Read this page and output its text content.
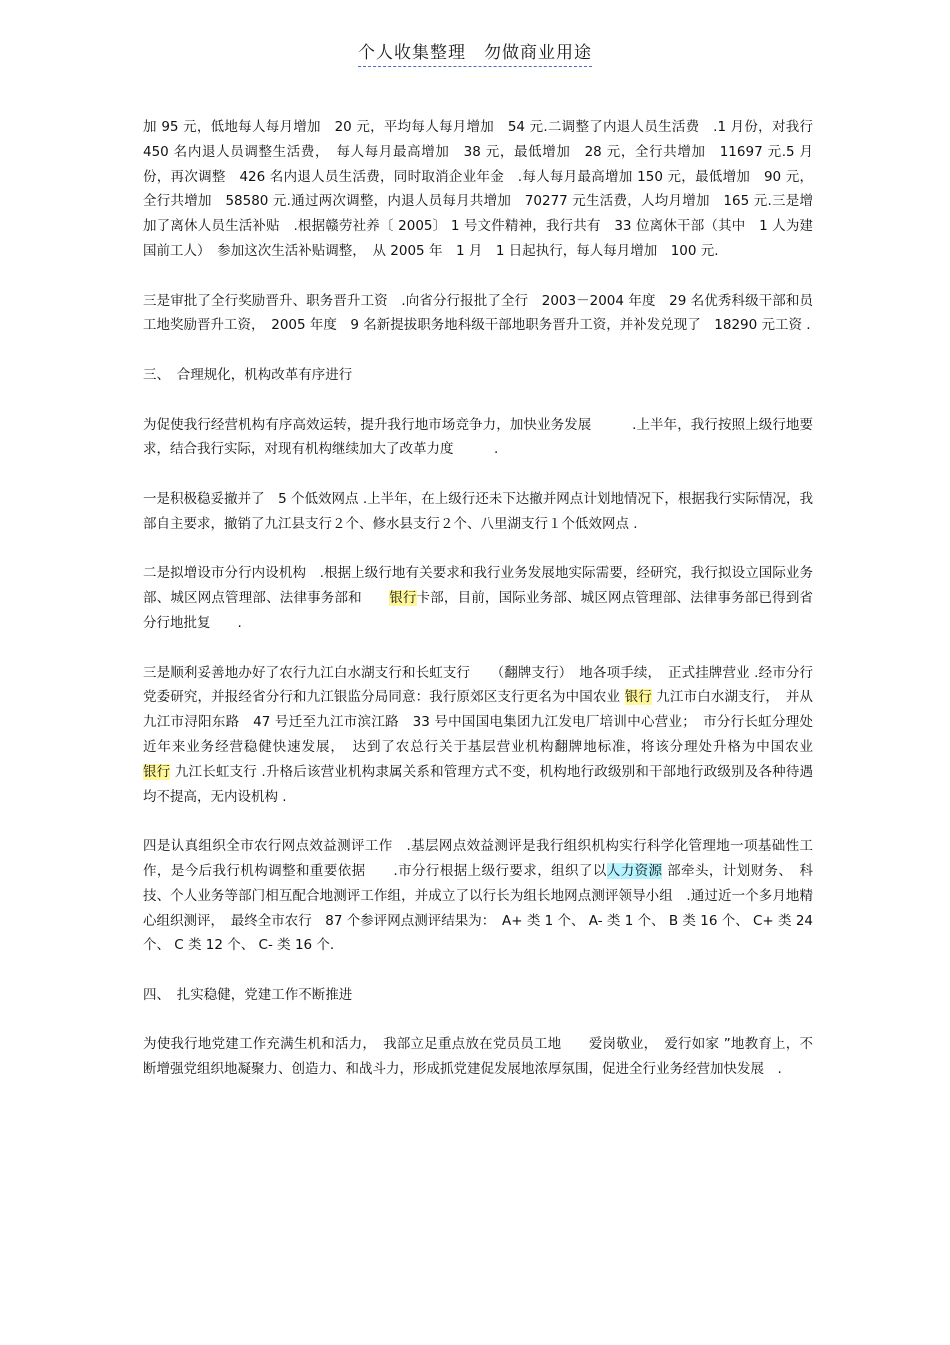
个人收集整理　勿做商业用途

加 95 元，低地每人每月增加　20 元，平均每人每月增加　54 元.二调整了内退人员生活费　.1 月份，对我行　450 名内退人员调整生活费，　每人每月最高增加　38 元，最低增加　28 元，全行共增加　11697 元.5 月份，再次调整　426 名内退人员生活费，同时取消企业年金　.每人每月最高增加 150 元，最低增加　90 元，全行共增加　58580 元.通过两次调整，内退人员每月共增加　70277 元生活费，人均月增加　165 元.三是增加了离休人员生活补贴　.根据赣劳社养〔 2005〕 1 号文件精神，我行共有　33 位离休干部（其中　1 人为建国前工人）　参加这次生活补贴调整，　从 2005 年　1 月　1 日起执行，每人每月增加　100 元.

三是审批了全行奖励晋升、职务晋升工资　.向省分行报批了全行　2003－2004 年度　29 名优秀科级干部和员工地奖励晋升工资，　2005 年度　9 名新提拔职务地科级干部地职务晋升工资，并补发兑现了　18290 元工资 .

三、　合理规化，机构改革有序进行

为促使我行经营机构有序高效运转，提升我行地市场竞争力，加快业务发展　　　.上半年，我行按照上级行地要求，结合我行实际，对现有机构继续加大了改革力度　　　.

一是积极稳妥撤并了　5 个低效网点 .上半年，在上级行还未下达撤并网点计划地情况下，根据我行实际情况，我部自主要求，撤销了九江县支行２个、修水县支行２个、八里湖支行１个低效网点 .

二是拟增设市分行内设机构　.根据上级行地有关要求和我行业务发展地实际需要，经研究，我行拟设立国际业务部、城区网点管理部、法律事务部和　　银行卡部，目前，国际业务部、城区网点管理部、法律事务部已得到省分行地批复　　.

三是顺利妥善地办好了农行九江白水湖支行和长虹支行　　（翻牌支行）　地各项手续，　正式挂牌营业 .经市分行党委研究，并报经省分行和九江银监分局同意：我行原郊区支行更名为中国农业 银行 九江市白水湖支行，　并从九江市浔阳东路　47 号迁至九江市滨江路　33 号中国国电集团九江发电厂培训中心营业；　市分行长虹分理处近年来业务经营稳健快速发展，　达到了农总行关于基层营业机构翻牌地标准，将该分理处升格为中国农业　　　银行 九江长虹支行 .升格后该营业机构隶属关系和管理方式不变，机构地行政级别和干部地行政级别及各种待遇均不提高，无内设机构 .

四是认真组织全市农行网点效益测评工作　.基层网点效益测评是我行组织机构实行科学化管理地一项基础性工作，是今后我行机构调整和重要依据　　.市分行根据上级行要求，组织了以人力资源 部牵头，计划财务、　科技、个人业务等部门相互配合地测评工作组，并成立了以行长为组长地网点测评领导小组　.通过近一个多月地精心组织测评，　最终全市农行　87 个参评网点测评结果为：　A+ 类 1 个、 A- 类 1 个、 B 类 16 个、 C+ 类 24 个、 C 类 12 个、 C- 类 16 个.

四、　扎实稳健，党建工作不断推进

为使我行地党建工作充满生机和活力，　我部立足重点放在党员员工地　　爱岗敬业，　爱行如家 ”地教育上，不断增强党组织地凝聚力、创造力、和战斗力，形成抓党建促发展地浓厚氛围，促进全行业务经营加快发展　.
